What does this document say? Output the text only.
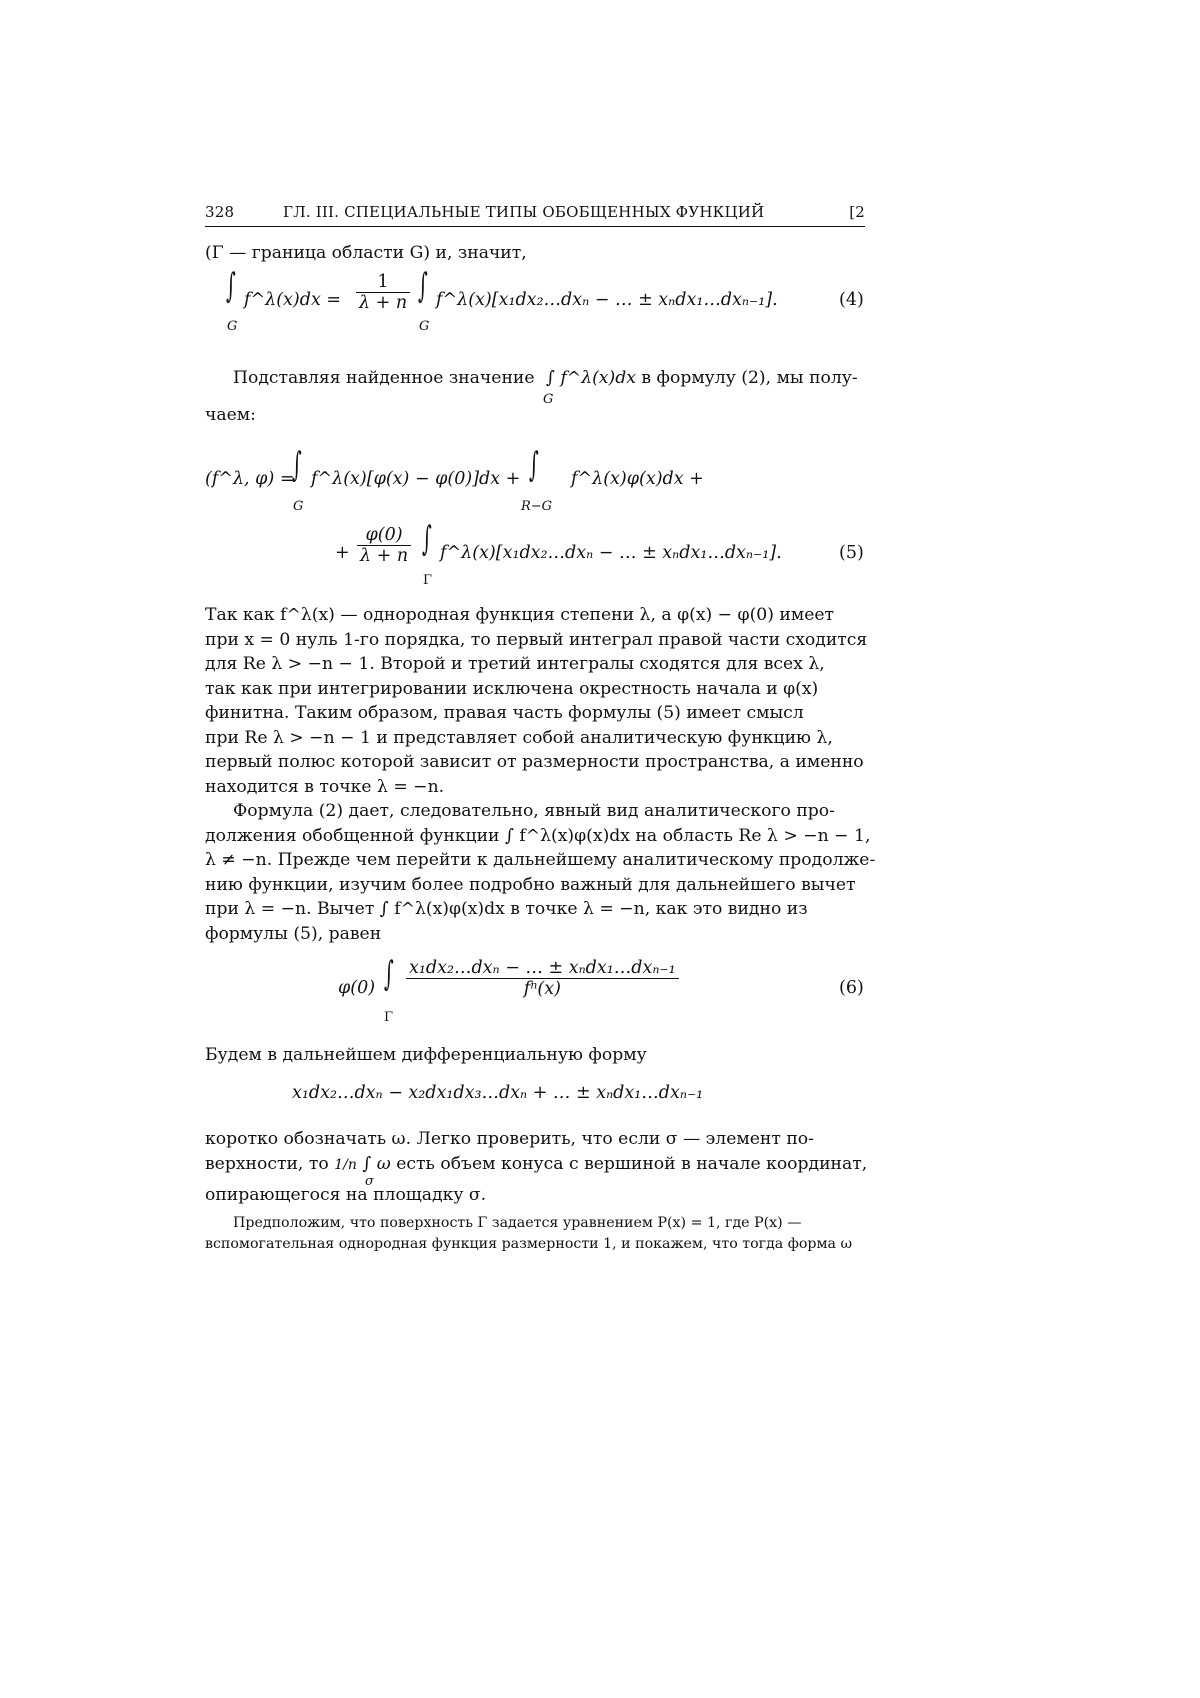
328	ГЛ. III. СПЕЦИАЛЬНЫЕ ТИПЫ ОБОБЩЕННЫХ ФУНКЦИЙ	[2
(Γ — граница области G) и, значит,
∫
G
f^λ(x)dx = $\frac{1}{\lambda + n}$ ∫
G
f^λ(x)[x₁dx₂…dxₙ − … ± xₙdx₁…dxₙ₋₁].	(4)
Подставляя найденное значение ∫ f^λ(x)dx в формулу (2), мы полу-
G
чаем:
(f^λ, φ) =
∫
G
f^λ(x)[φ(x) − φ(0)]dx + ∫
R−G
f^λ(x)φ(x)dx +
+ $\frac{\varphi(0)}{\lambda + n}$ ∫
Γ
f^λ(x)[x₁dx₂…dxₙ − … ± xₙdx₁…dxₙ₋₁].	(5)
Так как f^λ(x) — однородная функция степени λ, а φ(x) − φ(0) имеет
при x = 0 нуль 1-го порядка, то первый интеграл правой части сходится
для Re λ > −n − 1. Второй и третий интегралы сходятся для всех λ,
так как при интегрировании исключена окрестность начала и φ(x)
финитна. Таким образом, правая часть формулы (5) имеет смысл
при Re λ > −n − 1 и представляет собой аналитическую функцию λ,
первый полюс которой зависит от размерности пространства, а именно
находится в точке λ = −n.
Формула (2) дает, следовательно, явный вид аналитического про-
должения обобщенной функции ∫ f^λ(x)φ(x)dx на область Re λ > −n − 1,
λ ≠ −n. Прежде чем перейти к дальнейшему аналитическому продолже-
нию функции, изучим более подробно важный для дальнейшего вычет
при λ = −n. Вычет ∫ f^λ(x)φ(x)dx в точке λ = −n, как это видно из
формулы (5), равен
φ(0) ∫
Γ
x₁dx₂…dxₙ − … ± xₙdx₁…dxₙ₋₁
fⁿ(x)	(6)
Будем в дальнейшем дифференциальную форму
x₁dx₂…dxₙ − x₂dx₁dx₃…dxₙ + … ± xₙdx₁…dxₙ₋₁
коротко обозначать ω. Легко проверить, что если σ — элемент по-
верхности, то 1/n ∫ ω есть объем конуса с вершиной в начале координат,
σ
опирающегося на площадку σ.
Предположим, что поверхность Γ задается уравнением P(x) = 1, где P(x) —
вспомогательная однородная функция размерности 1, и покажем, что тогда форма ω
